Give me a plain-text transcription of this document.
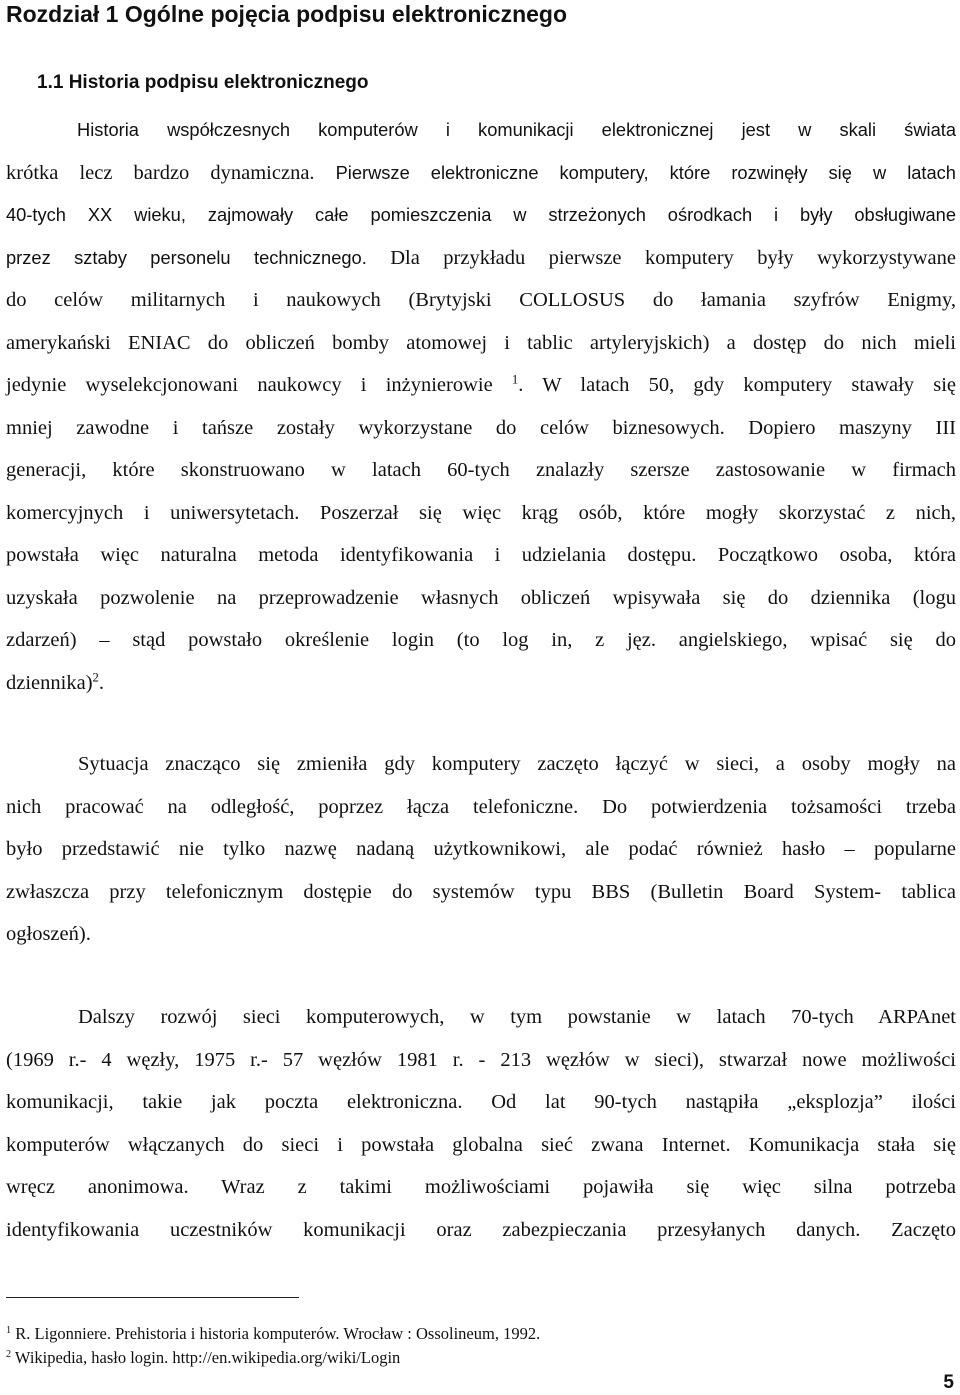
Rozdział 1 Ogólne pojęcia podpisu elektronicznego
1.1 Historia podpisu elektronicznego
Historia współczesnych komputerów i komunikacji elektronicznej jest w skali świata
krótka lecz bardzo dynamiczna. Pierwsze elektroniczne komputery, które rozwinęły się w latach
40-tych XX wieku, zajmowały całe pomieszczenia w strzeżonych ośrodkach i były obsługiwane
przez sztaby personelu technicznego. Dla przykładu pierwsze komputery były wykorzystywane
do celów militarnych i naukowych (Brytyjski COLLOSUS do łamania szyfrów Enigmy,
amerykański ENIAC do obliczeń bomby atomowej i tablic artyleryjskich) a dostęp do nich mieli
jedynie wyselekcjonowani naukowcy i inżynierowie $^1$. W latach 50, gdy komputery stawały się
mniej zawodne i tańsze zostały wykorzystane do celów biznesowych. Dopiero maszyny III
generacji, które skonstruowano w latach 60-tych znalazły szersze zastosowanie w firmach
komercyjnych i uniwersytetach. Poszerzał się więc krąg osób, które mogły skorzystać z nich,
powstała więc naturalna metoda identyfikowania i udzielania dostępu. Początkowo osoba, która
uzyskała pozwolenie na przeprowadzenie własnych obliczeń wpisywała się do dziennika (logu
zdarzeń) – stąd powstało określenie login (to log in, z jęz. angielskiego, wpisać się do
dziennika)$^2$.
Sytuacja znacząco się zmieniła gdy komputery zaczęto łączyć w sieci, a osoby mogły na
nich pracować na odległość, poprzez łącza telefoniczne. Do potwierdzenia tożsamości trzeba
było przedstawić nie tylko nazwę nadaną użytkownikowi, ale podać również hasło – popularne
zwłaszcza przy telefonicznym dostępie do systemów typu BBS (Bulletin Board System- tablica
ogłoszeń).
Dalszy rozwój sieci komputerowych, w tym powstanie w latach 70-tych ARPAnet
(1969 r.- 4 węzły, 1975 r.- 57 węzłów 1981 r. - 213 węzłów w sieci), stwarzał nowe możliwości
komunikacji, takie jak poczta elektroniczna. Od lat 90-tych nastąpiła „eksplozja” ilości
komputerów włączanych do sieci i powstała globalna sieć zwana Internet. Komunikacja stała się
wręcz anonimowa. Wraz z takimi możliwościami pojawiła się więc silna potrzeba
identyfikowania uczestników komunikacji oraz zabezpieczania przesyłanych danych. Zaczęto

$^1$ R. Ligonniere. Prehistoria i historia komputerów. Wrocław : Ossolineum, 1992.

$^2$ Wikipedia, hasło login. http://en.wikipedia.org/wiki/Login

5
